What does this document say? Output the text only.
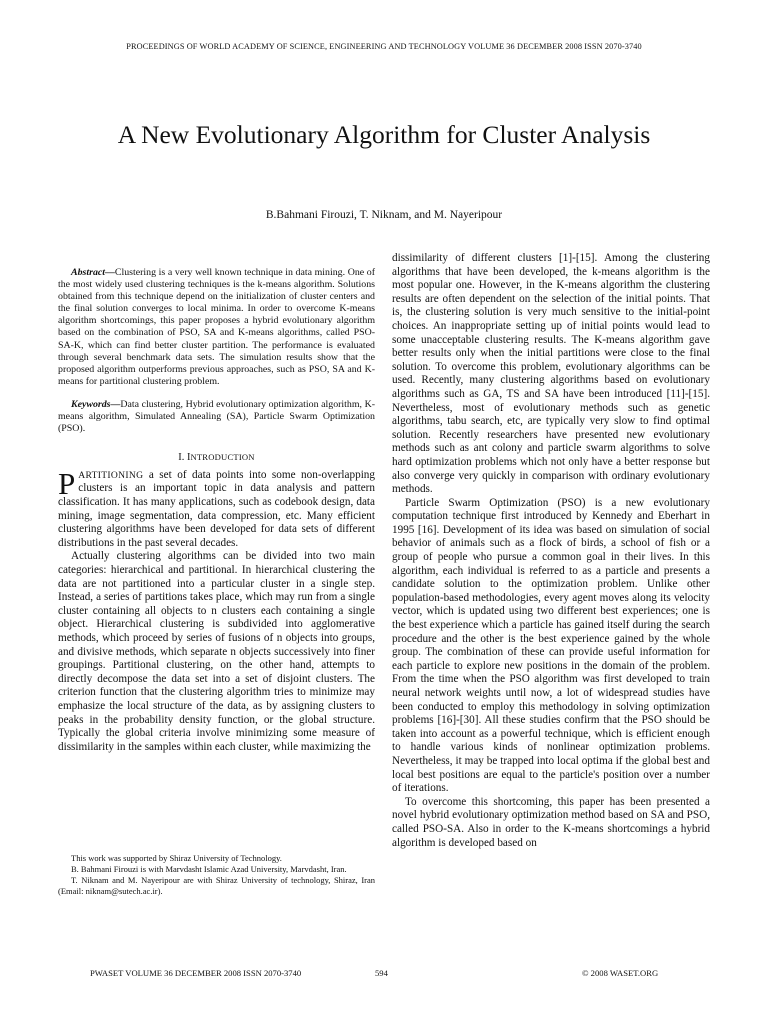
PROCEEDINGS OF WORLD ACADEMY OF SCIENCE, ENGINEERING AND TECHNOLOGY VOLUME 36 DECEMBER 2008 ISSN 2070-3740
A New Evolutionary Algorithm for Cluster Analysis
B.Bahmani Firouzi, T. Niknam, and M. Nayeripour

Abstract—Clustering is a very well known technique in data mining. One of the most widely used clustering techniques is the k-means algorithm. Solutions obtained from this technique depend on the initialization of cluster centers and the final solution converges to local minima. In order to overcome K-means algorithm shortcomings, this paper proposes a hybrid evolutionary algorithm based on the combination of PSO, SA and K-means algorithms, called PSO-SA-K, which can find better cluster partition. The performance is evaluated through several benchmark data sets. The simulation results show that the proposed algorithm outperforms previous approaches, such as PSO, SA and K-means for partitional clustering problem.

Keywords—Data clustering, Hybrid evolutionary optimization algorithm, K-means algorithm, Simulated Annealing (SA), Particle Swarm Optimization (PSO).

I. INTRODUCTION

PARTITIONING a set of data points into some non-overlapping clusters is an important topic in data analysis and pattern classification. It has many applications, such as codebook design, data mining, image segmentation, data compression, etc. Many efficient clustering algorithms have been developed for data sets of different distributions in the past several decades.

Actually clustering algorithms can be divided into two main categories: hierarchical and partitional. In hierarchical clustering the data are not partitioned into a particular cluster in a single step. Instead, a series of partitions takes place, which may run from a single cluster containing all objects to n clusters each containing a single object. Hierarchical clustering is subdivided into agglomerative methods, which proceed by series of fusions of n objects into groups, and divisive methods, which separate n objects successively into finer groupings. Partitional clustering, on the other hand, attempts to directly decompose the data set into a set of disjoint clusters. The criterion function that the clustering algorithm tries to minimize may emphasize the local structure of the data, as by assigning clusters to peaks in the probability density function, or the global structure. Typically the global criteria involve minimizing some measure of dissimilarity in the samples within each cluster, while maximizing the

This work was supported by Shiraz University of Technology.

B. Bahmani Firouzi is with Marvdasht Islamic Azad University, Marvdasht, Iran.

T. Niknam and M. Nayeripour are with Shiraz University of technology, Shiraz, Iran (Email: niknam@sutech.ac.ir).

dissimilarity of different clusters [1]-[15]. Among the clustering algorithms that have been developed, the k-means algorithm is the most popular one. However, in the K-means algorithm the clustering results are often dependent on the selection of the initial points. That is, the clustering solution is very much sensitive to the initial-point choices. An inappropriate setting up of initial points would lead to some unacceptable clustering results. The K-means algorithm gave better results only when the initial partitions were close to the final solution. To overcome this problem, evolutionary algorithms can be used. Recently, many clustering algorithms based on evolutionary algorithms such as GA, TS and SA have been introduced [11]-[15]. Nevertheless, most of evolutionary methods such as genetic algorithms, tabu search, etc, are typically very slow to find optimal solution. Recently researchers have presented new evolutionary methods such as ant colony and particle swarm algorithms to solve hard optimization problems which not only have a better response but also converge very quickly in comparison with ordinary evolutionary methods.

Particle Swarm Optimization (PSO) is a new evolutionary computation technique first introduced by Kennedy and Eberhart in 1995 [16]. Development of its idea was based on simulation of social behavior of animals such as a flock of birds, a school of fish or a group of people who pursue a common goal in their lives. In this algorithm, each individual is referred to as a particle and presents a candidate solution to the optimization problem. Unlike other population-based methodologies, every agent moves along its velocity vector, which is updated using two different best experiences; one is the best experience which a particle has gained itself during the search procedure and the other is the best experience gained by the whole group. The combination of these can provide useful information for each particle to explore new positions in the domain of the problem. From the time when the PSO algorithm was first developed to train neural network weights until now, a lot of widespread studies have been conducted to employ this methodology in solving optimization problems [16]-[30]. All these studies confirm that the PSO should be taken into account as a powerful technique, which is efficient enough to handle various kinds of nonlinear optimization problems. Nevertheless, it may be trapped into local optima if the global best and local best positions are equal to the particle's position over a number of iterations.

To overcome this shortcoming, this paper has been presented a novel hybrid evolutionary optimization method based on SA and PSO, called PSO-SA. Also in order to the K-means shortcomings a hybrid algorithm is developed based on

PWASET VOLUME 36 DECEMBER 2008 ISSN 2070-3740	594	© 2008 WASET.ORG
